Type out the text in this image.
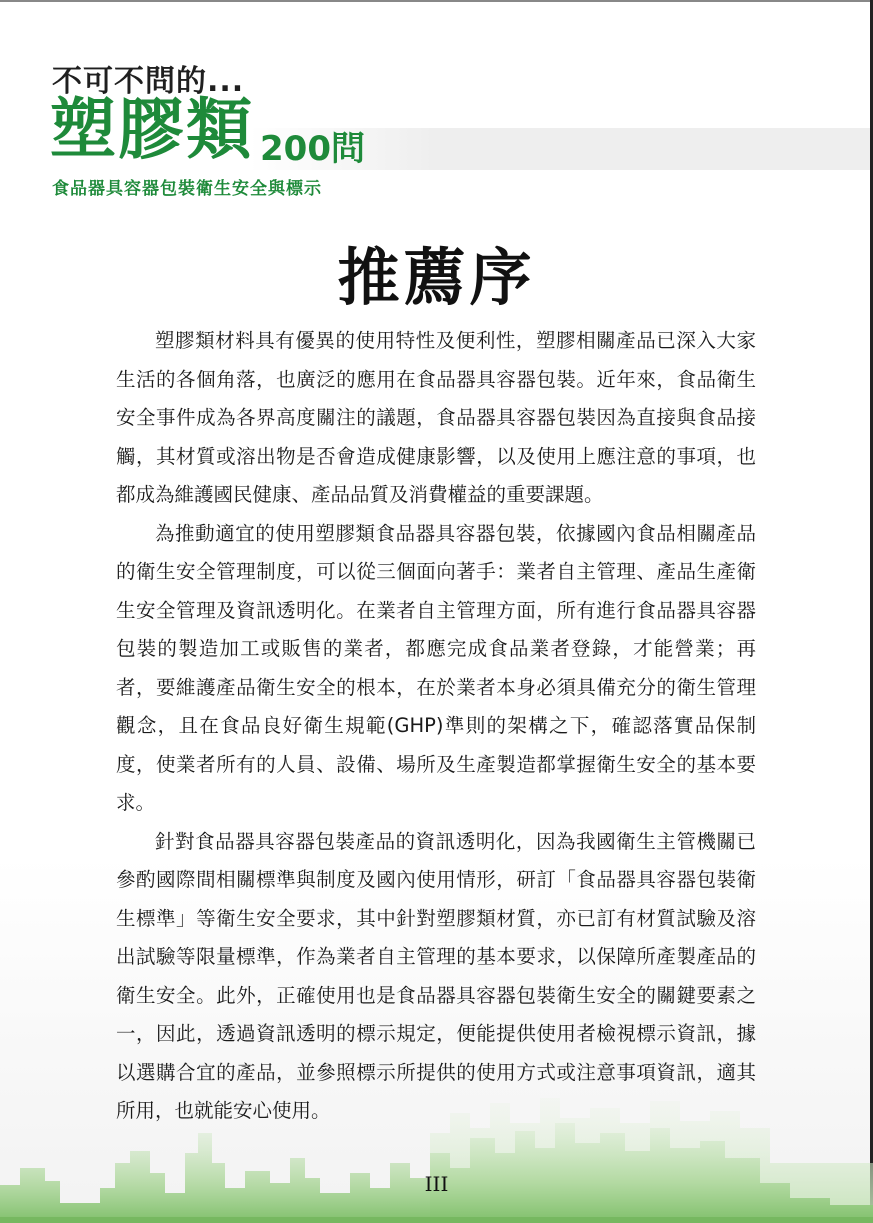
不可不問的...
塑膠類 200問
食品器具容器包裝衛生安全與標示
推薦序

塑膠類材料具有優異的使用特性及便利性，塑膠相關產品已深入大家生活的各個角落，也廣泛的應用在食品器具容器包裝。近年來，食品衛生安全事件成為各界高度關注的議題，食品器具容器包裝因為直接與食品接觸，其材質或溶出物是否會造成健康影響，以及使用上應注意的事項，也都成為維護國民健康、產品品質及消費權益的重要課題。

為推動適宜的使用塑膠類食品器具容器包裝，依據國內食品相關產品的衛生安全管理制度，可以從三個面向著手：業者自主管理、產品生產衛生安全管理及資訊透明化。在業者自主管理方面，所有進行食品器具容器包裝的製造加工或販售的業者，都應完成食品業者登錄，才能營業；再者，要維護產品衛生安全的根本，在於業者本身必須具備充分的衛生管理觀念，且在食品良好衛生規範(GHP)準則的架構之下，確認落實品保制度，使業者所有的人員、設備、場所及生產製造都掌握衛生安全的基本要求。

針對食品器具容器包裝產品的資訊透明化，因為我國衛生主管機關已參酌國際間相關標準與制度及國內使用情形，研訂「食品器具容器包裝衛生標準」等衛生安全要求，其中針對塑膠類材質，亦已訂有材質試驗及溶出試驗等限量標準，作為業者自主管理的基本要求，以保障所產製產品的衛生安全。此外，正確使用也是食品器具容器包裝衛生安全的關鍵要素之一，因此，透過資訊透明的標示規定，便能提供使用者檢視標示資訊，據以選購合宜的產品，並參照標示所提供的使用方式或注意事項資訊，適其所用，也就能安心使用。

III
